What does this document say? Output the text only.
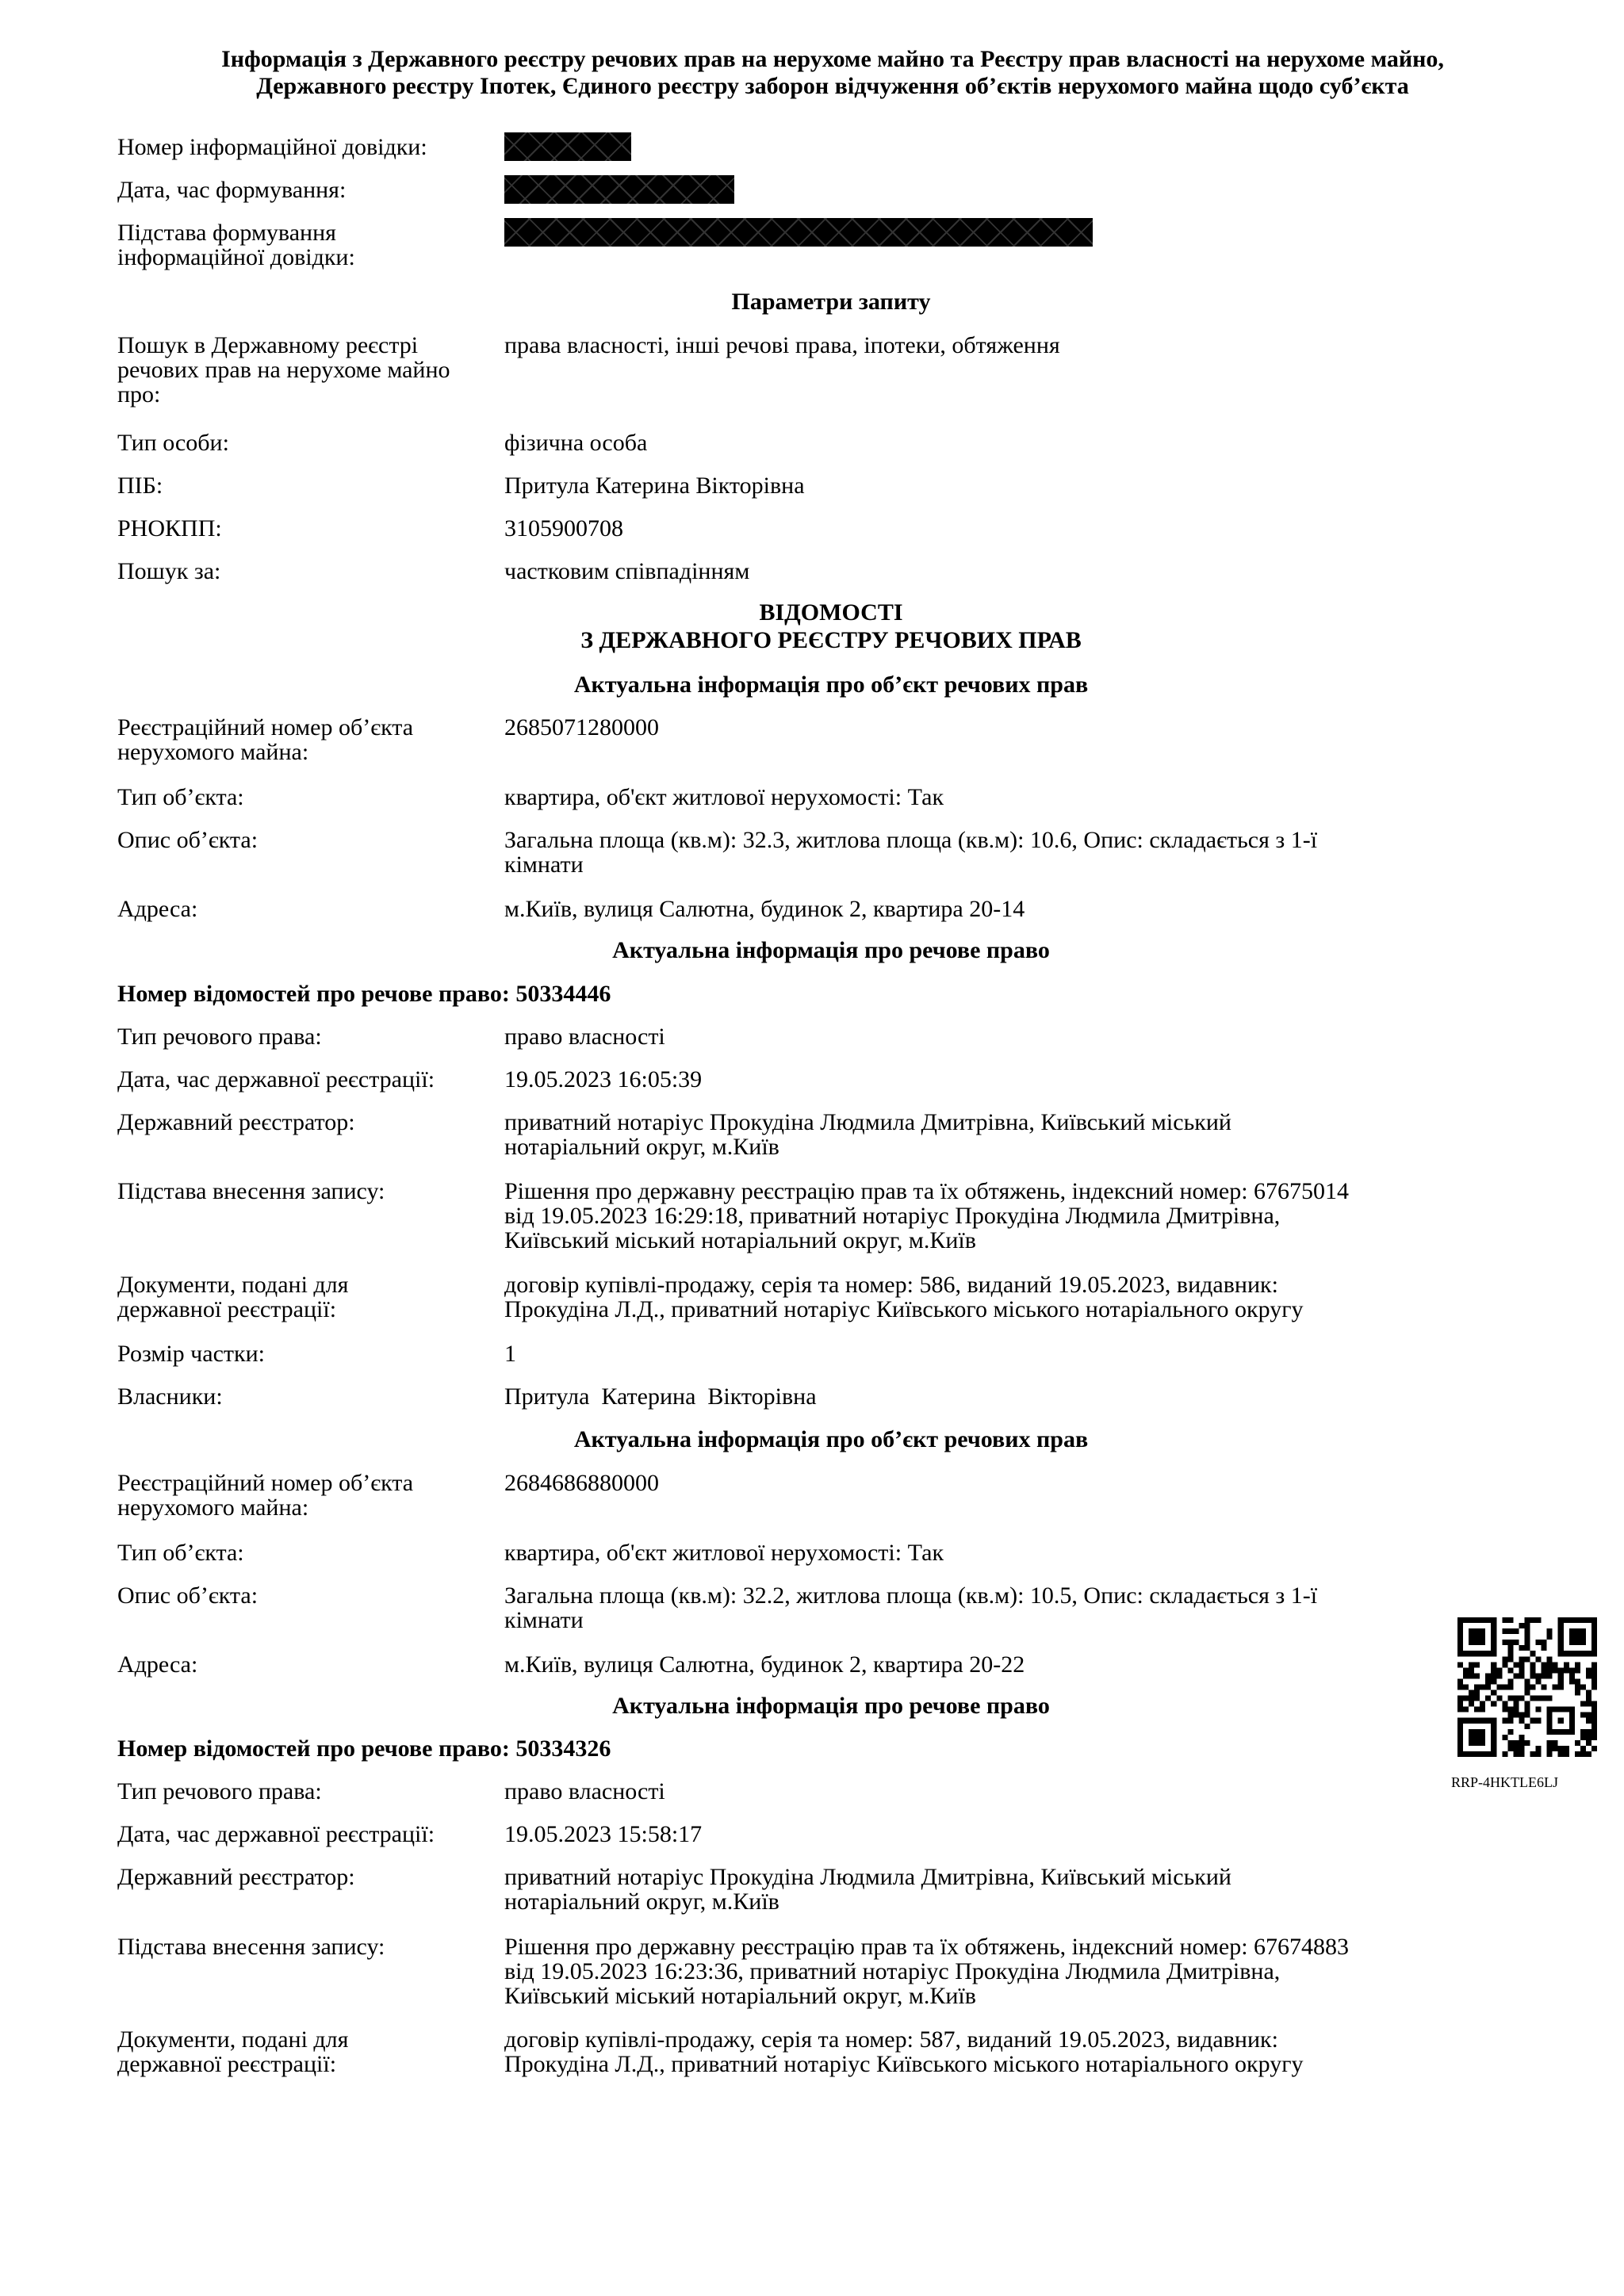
Інформація з Державного реєстру речових прав на нерухоме майно та Реєстру прав власності на нерухоме майно,
Державного реєстру Іпотек, Єдиного реєстру заборон відчуження об’єктів нерухомого майна щодо суб’єкта
Номер інформаційної довідки:
Дата, час формування:
Підстава формування інформаційної довідки:
Параметри запиту
Пошук в Державному реєстрі речових прав на нерухоме майно про:
права власності, інші речові права, іпотеки, обтяження
Тип особи:	фізична особа
ПІБ:	Притула Катерина Вікторівна
РНОКПП:	3105900708
Пошук за:	частковим співпадінням
ВІДОМОСТІ
З ДЕРЖАВНОГО РЕЄСТРУ РЕЧОВИХ ПРАВ
Актуальна інформація про об’єкт речових прав
Реєстраційний номер об’єкта нерухомого майна:
2685071280000
Тип об’єкта:	квартира, об'єкт житлової нерухомості: Так
Опис об’єкта:	Загальна площа (кв.м): 32.3, житлова площа (кв.м): 10.6, Опис: складається з 1-ї
кімнати
Адреса:	м.Київ, вулиця Салютна, будинок 2, квартира 20-14
Актуальна інформація про речове право
Номер відомостей про речове право: 50334446
Тип речового права:	право власності
Дата, час державної реєстрації:	19.05.2023 16:05:39
Державний реєстратор:	приватний нотаріус Прокудіна Людмила Дмитрівна, Київський міський
нотаріальний округ, м.Київ
Підстава внесення запису:	Рішення про державну реєстрацію прав та їх обтяжень, індексний номер: 67675014
від 19.05.2023 16:29:18, приватний нотаріус Прокудіна Людмила Дмитрівна,
Київський міський нотаріальний округ, м.Київ
Документи, подані для державної реєстрації:
договір купівлі-продажу, серія та номер: 586, виданий 19.05.2023, видавник:
Прокудіна Л.Д., приватний нотаріус Київського міського нотаріального округу
Розмір частки:	1
Власники:	Притула  Катерина  Вікторівна
Актуальна інформація про об’єкт речових прав
Реєстраційний номер об’єкта нерухомого майна:
2684686880000
Тип об’єкта:	квартира, об'єкт житлової нерухомості: Так
Опис об’єкта:	Загальна площа (кв.м): 32.2, житлова площа (кв.м): 10.5, Опис: складається з 1-ї
кімнати
Адреса:	м.Київ, вулиця Салютна, будинок 2, квартира 20-22
Актуальна інформація про речове право
Номер відомостей про речове право: 50334326
Тип речового права:	право власності
Дата, час державної реєстрації:	19.05.2023 15:58:17
Державний реєстратор:	приватний нотаріус Прокудіна Людмила Дмитрівна, Київський міський
нотаріальний округ, м.Київ
Підстава внесення запису:	Рішення про державну реєстрацію прав та їх обтяжень, індексний номер: 67674883
від 19.05.2023 16:23:36, приватний нотаріус Прокудіна Людмила Дмитрівна,
Київський міський нотаріальний округ, м.Київ
Документи, подані для державної реєстрації:
договір купівлі-продажу, серія та номер: 587, виданий 19.05.2023, видавник:
Прокудіна Л.Д., приватний нотаріус Київського міського нотаріального округу
RRP-4HKTLE6LJ
